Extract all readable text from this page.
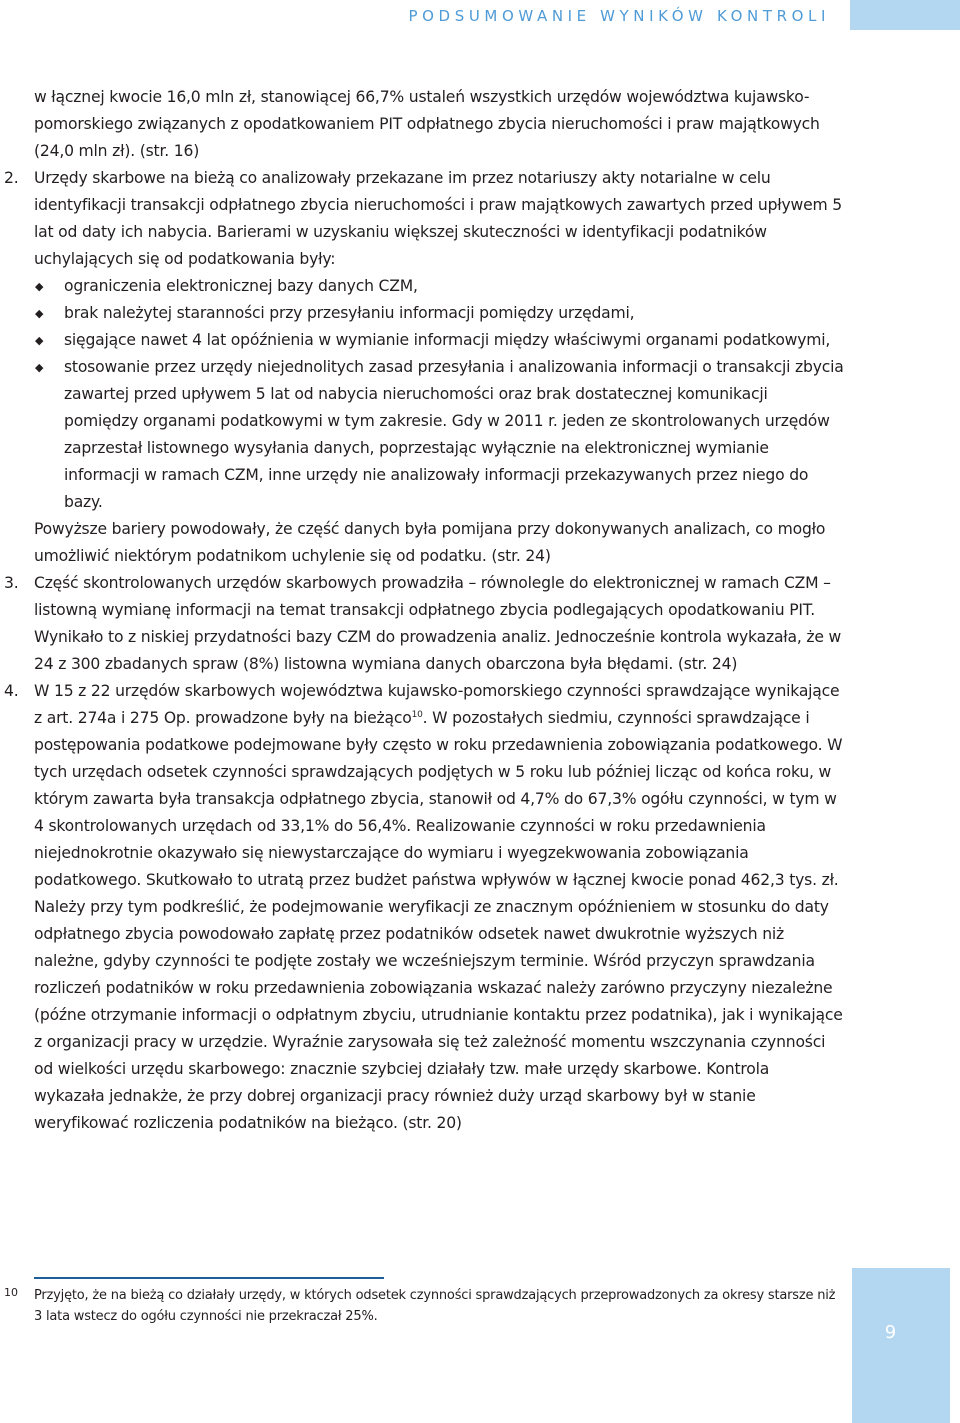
PODSUMOWANIE WYNIKÓW KONTROLI

w łącznej kwocie 16,0 mln zł, stanowiącej 66,7% ustaleń wszystkich urzędów województwa kujawsko-pomorskiego związanych z opodatkowaniem PIT odpłatnego zbycia nieruchomości i praw majątkowych (24,0 mln zł). (str. 16)

2. Urzędy skarbowe na bieżą co analizowały przekazane im przez notariuszy akty notarialne w celu identyfikacji transakcji odpłatnego zbycia nieruchomości i praw majątkowych zawartych przed upływem 5 lat od daty ich nabycia. Barierami w uzyskaniu większej skuteczności w identyfikacji podatników uchylających się od podatkowania były:

◆ ograniczenia elektronicznej bazy danych CZM,
◆ brak należytej staranności przy przesyłaniu informacji pomiędzy urzędami,
◆ sięgające nawet 4 lat opóźnienia w wymianie informacji między właściwymi organami podatkowymi,
◆ stosowanie przez urzędy niejednolitych zasad przesyłania i analizowania informacji o transakcji zbycia zawartej przed upływem 5 lat od nabycia nieruchomości oraz brak dostatecznej komunikacji pomiędzy organami podatkowymi w tym zakresie. Gdy w 2011 r. jeden ze skontrolowanych urzędów zaprzestał listownego wysyłania danych, poprzestając wyłącznie na elektronicznej wymianie informacji w ramach CZM, inne urzędy nie analizowały informacji przekazywanych przez niego do bazy.

Powyższe bariery powodowały, że część danych była pomijana przy dokonywanych analizach, co mogło umożliwić niektórym podatnikom uchylenie się od podatku. (str. 24)

3. Część skontrolowanych urzędów skarbowych prowadziła – równolegle do elektronicznej w ramach CZM – listowną wymianę informacji na temat transakcji odpłatnego zbycia podlegających opodatkowaniu PIT. Wynikało to z niskiej przydatności bazy CZM do prowadzenia analiz. Jednocześnie kontrola wykazała, że w 24 z 300 zbadanych spraw (8%) listowna wymiana danych obarczona była błędami. (str. 24)

4. W 15 z 22 urzędów skarbowych województwa kujawsko-pomorskiego czynności sprawdzające wynikające z art. 274a i 275 Op. prowadzone były na bieżąco$^{10}$. W pozostałych siedmiu, czynności sprawdzające i postępowania podatkowe podejmowane były często w roku przedawnienia zobowiązania podatkowego. W tych urzędach odsetek czynności sprawdzających podjętych w 5 roku lub później licząc od końca roku, w którym zawarta była transakcja odpłatnego zbycia, stanowił od 4,7% do 67,3% ogółu czynności, w tym w 4 skontrolowanych urzędach od 33,1% do 56,4%. Realizowanie czynności w roku przedawnienia niejednokrotnie okazywało się niewystarczające do wymiaru i wyegzekwowania zobowiązania podatkowego. Skutkowało to utratą przez budżet państwa wpływów w łącznej kwocie ponad 462,3 tys. zł. Należy przy tym podkreślić, że podejmowanie weryfikacji ze znacznym opóźnieniem w stosunku do daty odpłatnego zbycia powodowało zapłatę przez podatników odsetek nawet dwukrotnie wyższych niż należne, gdyby czynności te podjęte zostały we wcześniejszym terminie. Wśród przyczyn sprawdzania rozliczeń podatników w roku przedawnienia zobowiązania wskazać należy zarówno przyczyny niezależne (późne otrzymanie informacji o odpłatnym zbyciu, utrudnianie kontaktu przez podatnika), jak i wynikające z organizacji pracy w urzędzie. Wyraźnie zarysowała się też zależność momentu wszczynania czynności od wielkości urzędu skarbowego: znacznie szybciej działały tzw. małe urzędy skarbowe. Kontrola wykazała jednakże, że przy dobrej organizacji pracy również duży urząd skarbowy był w stanie weryfikować rozliczenia podatników na bieżąco. (str. 20)

10 Przyjęto, że na bieżą co działały urzędy, w których odsetek czynności sprawdzających przeprowadzonych za okresy starsze niż 3 lata wstecz do ogółu czynności nie przekraczał 25%.
9
